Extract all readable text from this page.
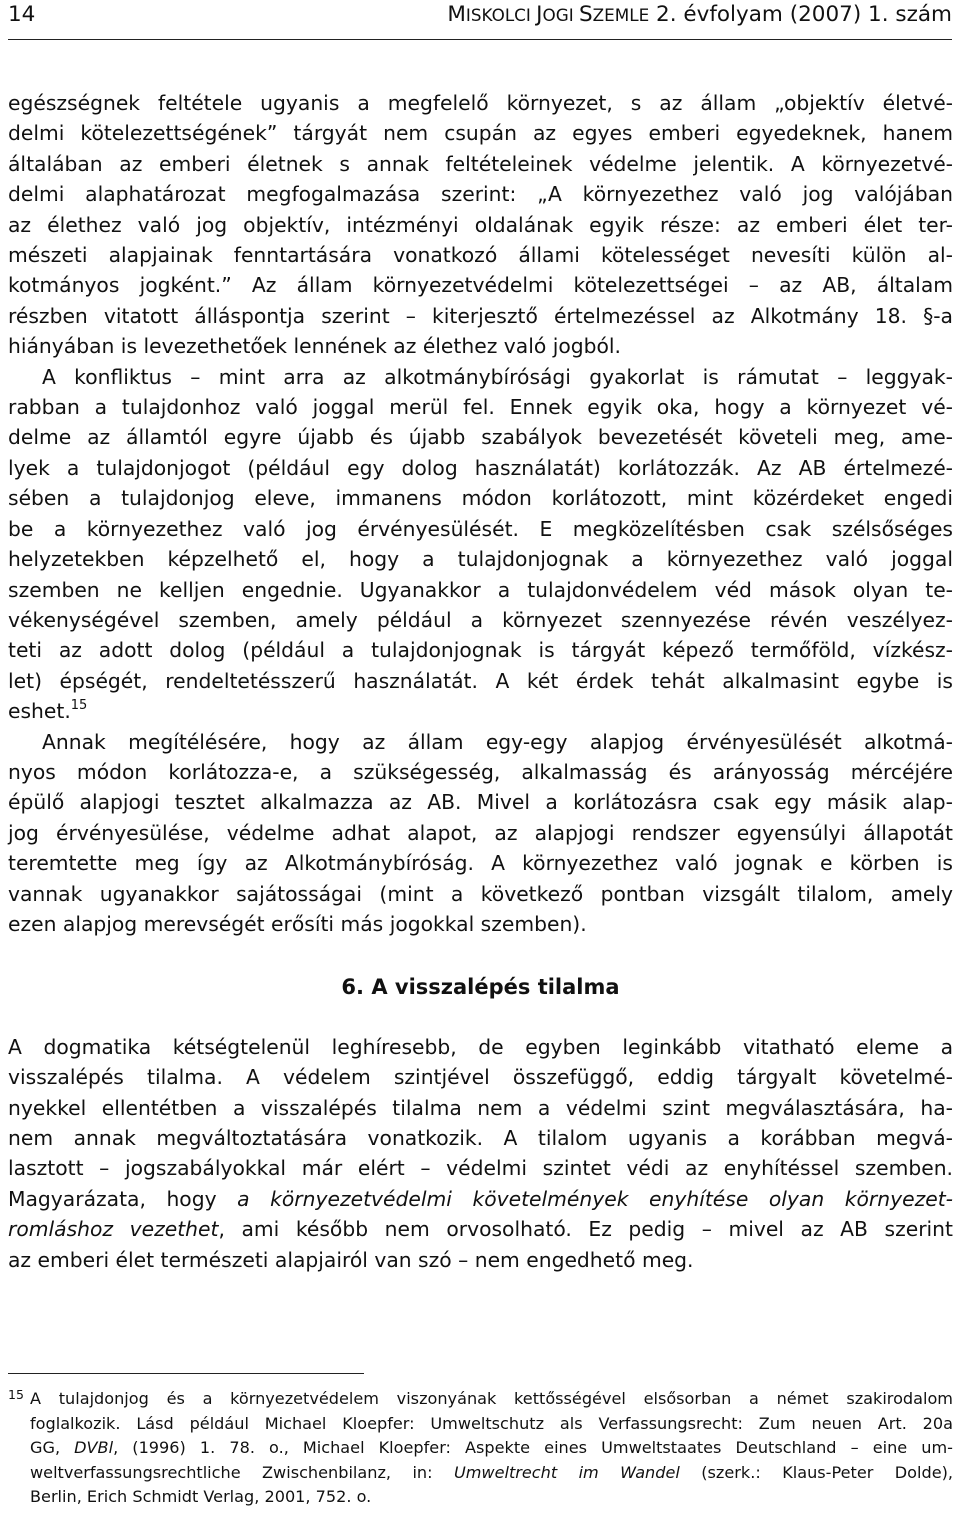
14	MISKOLCI JOGI SZEMLE 2. évfolyam (2007) 1. szám

egészségnek feltétele ugyanis a megfelelő környezet, s az állam „objektív életvé-
delmi kötelezettségének” tárgyát nem csupán az egyes emberi egyedeknek, hanem
általában az emberi életnek s annak feltételeinek védelme jelentik. A környezetvé-
delmi alaphatározat megfogalmazása szerint: „A környezethez való jog valójában
az élethez való jog objektív, intézményi oldalának egyik része: az emberi élet ter-
mészeti alapjainak fenntartására vonatkozó állami kötelességet nevesíti külön al-
kotmányos jogként.” Az állam környezetvédelmi kötelezettségei – az AB, általam
részben vitatott álláspontja szerint – kiterjesztő értelmezéssel az Alkotmány 18. §-a
hiányában is levezethetőek lennének az élethez való jogból.

A konfliktus – mint arra az alkotmánybírósági gyakorlat is rámutat – leggyak-
rabban a tulajdonhoz való joggal merül fel. Ennek egyik oka, hogy a környezet vé-
delme az államtól egyre újabb és újabb szabályok bevezetését követeli meg, ame-
lyek a tulajdonjogot (például egy dolog használatát) korlátozzák. Az AB értelmezé-
sében a tulajdonjog eleve, immanens módon korlátozott, mint közérdeket engedi
be a környezethez való jog érvényesülését. E megközelítésben csak szélsőséges
helyzetekben képzelhető el, hogy a tulajdonjognak a környezethez való joggal
szemben ne kelljen engednie. Ugyanakkor a tulajdonvédelem véd mások olyan te-
vékenységével szemben, amely például a környezet szennyezése révén veszélyez-
teti az adott dolog (például a tulajdonjognak is tárgyát képező termőföld, vízkész-
let) épségét, rendeltetésszerű használatát. A két érdek tehát alkalmasint egybe is
eshet.$^{15}$

Annak megítélésére, hogy az állam egy-egy alapjog érvényesülését alkotmá-
nyos módon korlátozza-e, a szükségesség, alkalmasság és arányosság mércéjére
épülő alapjogi tesztet alkalmazza az AB. Mivel a korlátozásra csak egy másik alap-
jog érvényesülése, védelme adhat alapot, az alapjogi rendszer egyensúlyi állapotát
teremtette meg így az Alkotmánybíróság. A környezethez való jognak e körben is
vannak ugyanakkor sajátosságai (mint a következő pontban vizsgált tilalom, amely
ezen alapjog merevségét erősíti más jogokkal szemben).

6. A visszalépés tilalma

A dogmatika kétségtelenül leghíresebb, de egyben leginkább vitatható eleme a
visszalépés tilalma. A védelem szintjével összefüggő, eddig tárgyalt követelmé-
nyekkel ellentétben a visszalépés tilalma nem a védelmi szint megválasztására, ha-
nem annak megváltoztatására vonatkozik. A tilalom ugyanis a korábban megvá-
lasztott – jogszabályokkal már elért – védelmi szintet védi az enyhítéssel szemben.
Magyarázata, hogy a környezetvédelmi követelmények enyhítése olyan környezet-
romláshoz vezethet, ami később nem orvosolható. Ez pedig – mivel az AB szerint
az emberi élet természeti alapjairól van szó – nem engedhető meg.

15 A tulajdonjog és a környezetvédelem viszonyának kettősségével elsősorban a német szakirodalom
foglalkozik. Lásd például Michael Kloepfer: Umweltschutz als Verfassungsrecht: Zum neuen Art. 20a
GG, DVBl, (1996) 1. 78. o., Michael Kloepfer: Aspekte eines Umweltstaates Deutschland – eine um-
weltverfassungsrechtliche Zwischenbilanz, in: Umweltrecht im Wandel (szerk.: Klaus-Peter Dolde),
Berlin, Erich Schmidt Verlag, 2001, 752. o.
